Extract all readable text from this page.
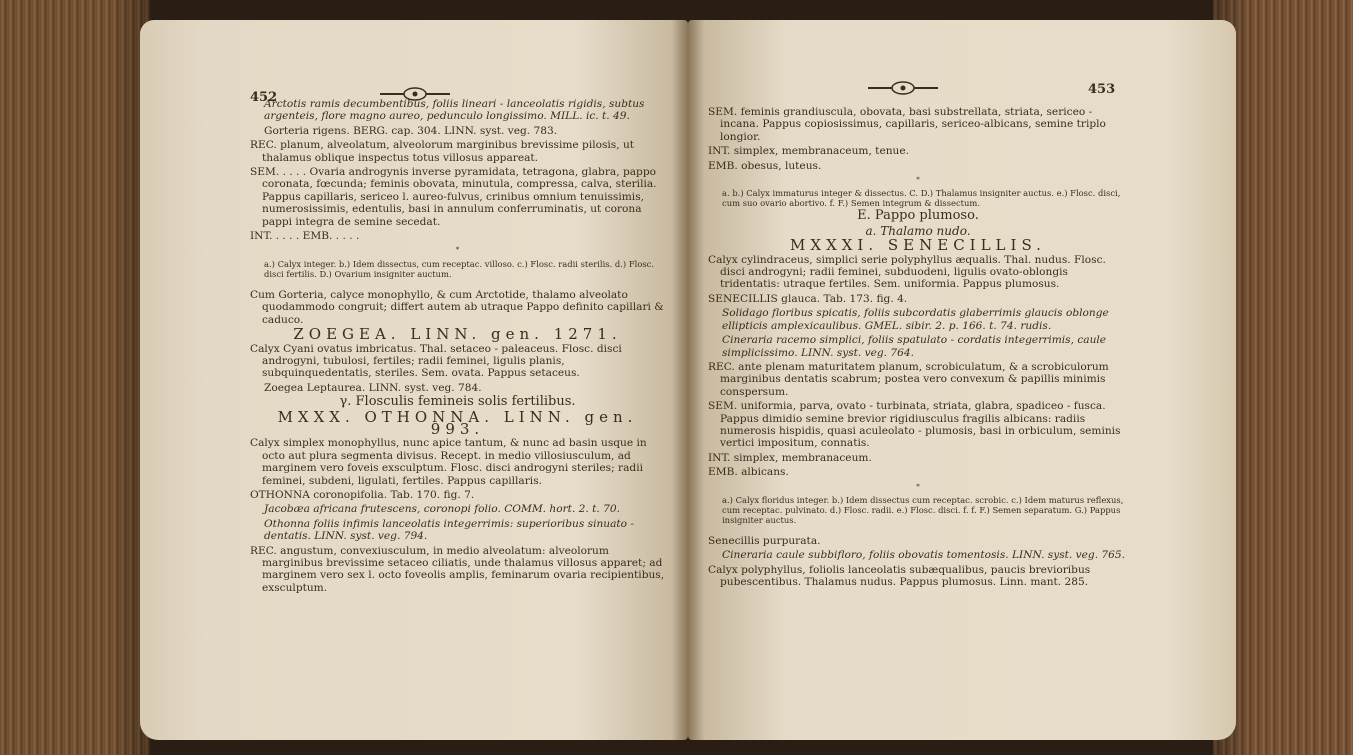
452

Arctotis ramis decumbentibus, foliis lineari - lanceolatis rigidis, subtus argenteis, flore magno aureo, pedunculo longissimo. MILL. ic. t. 49.

Gorteria rigens. BERG. cap. 304. LINN. syst. veg. 783.

REC. planum, alveolatum, alveolorum marginibus brevissime pilosis, ut thalamus oblique inspectus totus villosus appareat.

SEM. . . . . Ovaria androgynis inverse pyramidata, tetragona, glabra, pappo coronata, fœcunda; feminis obovata, minutula, compressa, calva, sterilia. Pappus capillaris, sericeo l. aureo-fulvus, crinibus omnium tenuissimis, numerosissimis, edentulis, basi in annulum conferruminatis, ut corona pappi integra de semine secedat.

INT. . . . . EMB. . . . .

*

a.) Calyx integer. b.) Idem dissectus, cum receptac. villoso. c.) Flosc. radii sterilis. d.) Flosc. disci fertilis. D.) Ovarium insigniter auctum.

Cum Gorteria, calyce monophyllo, & cum Arctotide, thalamo alveolato quodammodo congruit; differt autem ab utraque Pappo definito capillari & caduco.

ZOEGEA. LINN. gen. 1271.

Calyx Cyani ovatus imbricatus. Thal. setaceo - paleaceus. Flosc. disci androgyni, tubulosi, fertiles; radii feminei, ligulis planis, subquinquedentatis, steriles. Sem. ovata. Pappus setaceus.

Zoegea Leptaurea. LINN. syst. veg. 784.

γ. Flosculis femineis solis fertilibus.

MXXX. OTHONNA. LINN. gen. 993.

Calyx simplex monophyllus, nunc apice tantum, & nunc ad basin usque in octo aut plura segmenta divisus. Recept. in medio villosiusculum, ad marginem vero foveis exsculptum. Flosc. disci androgyni steriles; radii feminei, subdeni, ligulati, fertiles. Pappus capillaris.

OTHONNA coronopifolia. Tab. 170. fig. 7.

Jacobæa africana frutescens, coronopi folio. COMM. hort. 2. t. 70.

Othonna foliis infimis lanceolatis integerrimis: superioribus sinuato - dentatis. LINN. syst. veg. 794.

REC. angustum, convexiusculum, in medio alveolatum: alveolorum marginibus brevissime setaceo ciliatis, unde thalamus villosus apparet; ad marginem vero sex l. octo foveolis amplis, feminarum ovaria recipientibus, exsculptum.

453

SEM. feminis grandiuscula, obovata, basi substrellata, striata, sericeo - incana. Pappus copiosissimus, capillaris, sericeo-albicans, semine triplo longior.

INT. simplex, membranaceum, tenue.

EMB. obesus, luteus.

*

a. b.) Calyx immaturus integer & dissectus. C. D.) Thalamus insigniter auctus. e.) Flosc. disci, cum suo ovario abortivo. f. F.) Semen integrum & dissectum.

E. Pappo plumoso.

a. Thalamo nudo.

MXXXI. SENECILLIS.

Calyx cylindraceus, simplici serie polyphyllus æqualis. Thal. nudus. Flosc. disci androgyni; radii feminei, subduodeni, ligulis ovato-oblongis tridentatis: utraque fertiles. Sem. uniformia. Pappus plumosus.

SENECILLIS glauca. Tab. 173. fig. 4.

Solidago floribus spicatis, foliis subcordatis glaberrimis glaucis oblonge ellipticis amplexicaulibus. GMEL. sibir. 2. p. 166. t. 74. rudis.

Cineraria racemo simplici, foliis spatulato - cordatis integerrimis, caule simplicissimo. LINN. syst. veg. 764.

REC. ante plenam maturitatem planum, scrobiculatum, & a scrobiculorum marginibus dentatis scabrum; postea vero convexum & papillis minimis conspersum.

SEM. uniformia, parva, ovato - turbinata, striata, glabra, spadiceo - fusca. Pappus dimidio semine brevior rigidiusculus fragilis albicans: radiis numerosis hispidis, quasi aculeolato - plumosis, basi in orbiculum, seminis vertici impositum, connatis.

INT. simplex, membranaceum.

EMB. albicans.

*

a.) Calyx floridus integer. b.) Idem dissectus cum receptac. scrobic. c.) Idem maturus reflexus, cum receptac. pulvinato. d.) Flosc. radii. e.) Flosc. disci. f. f. F.) Semen separatum. G.) Pappus insigniter auctus.

Senecillis purpurata.

Cineraria caule subbifloro, foliis obovatis tomentosis. LINN. syst. veg. 765.

Calyx polyphyllus, foliolis lanceolatis subæqualibus, paucis brevioribus pubescentibus. Thalamus nudus. Pappus plumosus. Linn. mant. 285.
